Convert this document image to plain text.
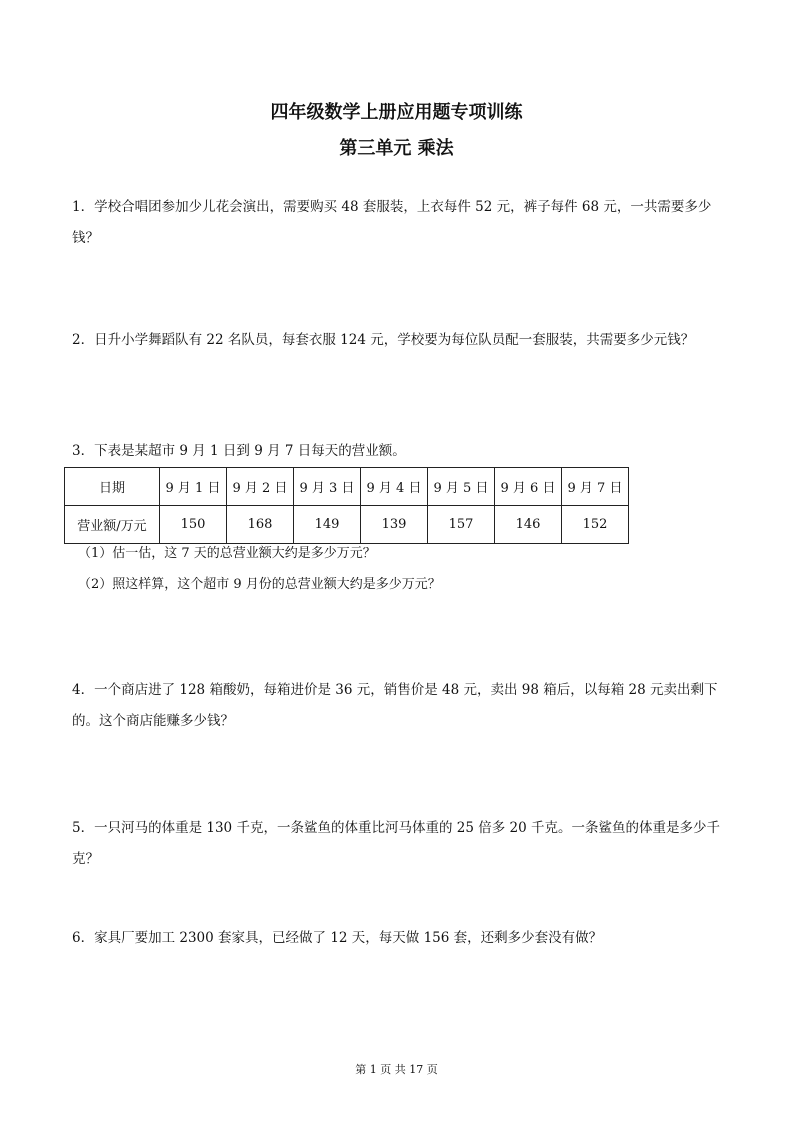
四年级数学上册应用题专项训练
第三单元 乘法
1．学校合唱团参加少儿花会演出，需要购买 48 套服装，上衣每件 52 元，裤子每件 68 元，一共需要多少钱？
2．日升小学舞蹈队有 22 名队员，每套衣服 124 元，学校要为每位队员配一套服装，共需要多少元钱？
3．下表是某超市 9 月 1 日到 9 月 7 日每天的营业额。
日期	9 月 1 日	9 月 2 日	9 月 3 日	9 月 4 日	9 月 5 日	9 月 6 日	9 月 7 日
营业额/万元	150	168	149	139	157	146	152
（1）估一估，这 7 天的总营业额大约是多少万元？
（2）照这样算，这个超市 9 月份的总营业额大约是多少万元？
4．一个商店进了 128 箱酸奶，每箱进价是 36 元，销售价是 48 元，卖出 98 箱后，以每箱 28 元卖出剩下的。这个商店能赚多少钱？
5．一只河马的体重是 130 千克，一条鲨鱼的体重比河马体重的 25 倍多 20 千克。一条鲨鱼的体重是多少千克？
6．家具厂要加工 2300 套家具，已经做了 12 天，每天做 156 套，还剩多少套没有做？
第 1 页 共 17 页
